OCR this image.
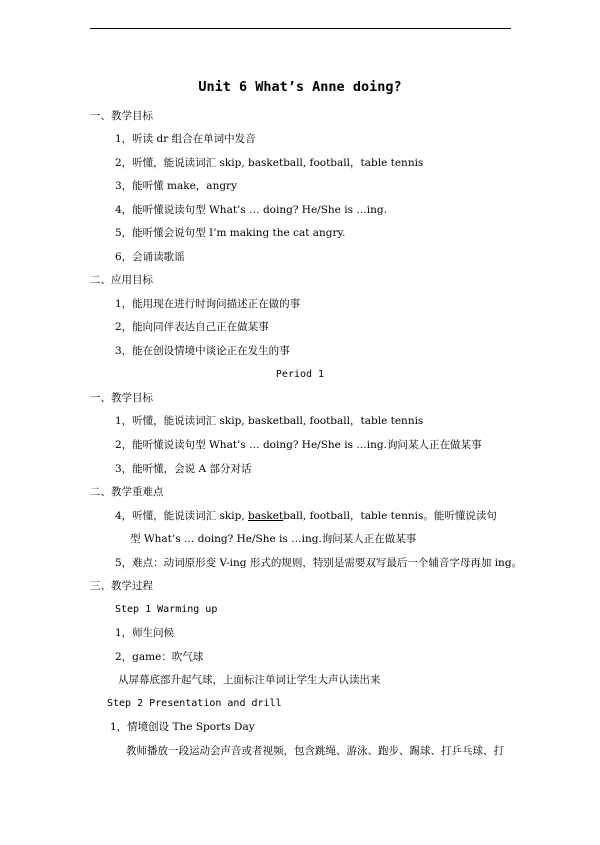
Unit 6 What’s Anne doing?
一、教学目标
1，听读 dr 组合在单词中发音
2，听懂，能说读词汇 skip, basketball, football，table tennis
3，能听懂 make，angry
4，能听懂说读句型 What’s … doing? He/She is …ing.
5，能听懂会说句型 I’m making the cat angry.
6，会诵读歌谣
二、应用目标
1，能用现在进行时询问描述正在做的事
2，能向同伴表达自己正在做某事
3，能在创设情境中谈论正在发生的事
Period 1
一、教学目标
1，听懂，能说读词汇 skip, basketball, football，table tennis
2，能听懂说读句型 What’s … doing? He/She is …ing.询问某人正在做某事
3，能听懂，会说 A 部分对话
二、教学重难点
4，听懂，能说读词汇 skip, basketball, football，table tennis。能听懂说读句
型 What’s … doing? He/She is …ing.询问某人正在做某事
5，难点：动词原形变 V-ing 形式的规则，特别是需要双写最后一个辅音字母再加 ing。
三、教学过程
Step 1 Warming up
1，师生问候
2，game：吹气球
从屏幕底部升起气球，上面标注单词让学生大声认读出来
Step 2 Presentation and drill
1，情境创设 The Sports Day
教师播放一段运动会声音或者视频，包含跳绳、游泳、跑步、踢球、打乒乓球、打
